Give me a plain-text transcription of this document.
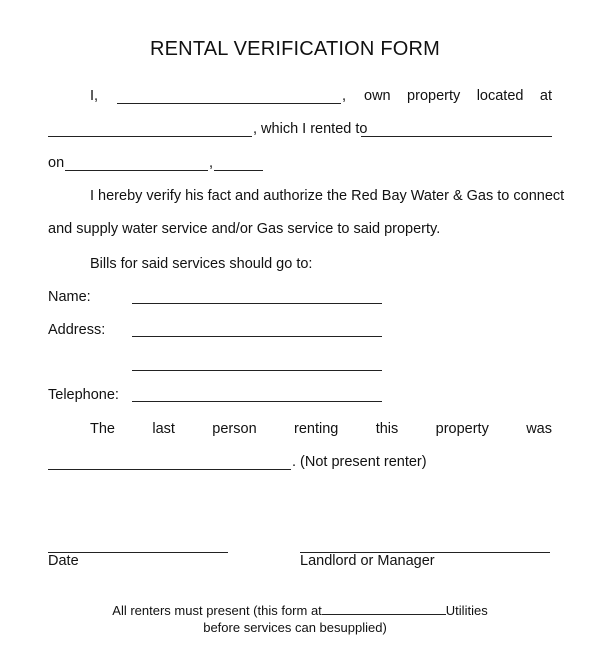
RENTAL VERIFICATION FORM
I,	, own property located at
, which I rented to
on	,
I hereby verify his fact and authorize the Red Bay Water & Gas to connect
and supply water service and/or Gas service to said property.
Bills for said services should go to:
Name:
Address:
Telephone:
The	last	person	renting	this	property	was
. (Not present renter)
Date	Landlord or Manager
All renters must present (this form at	Utilities
before services can besupplied)
